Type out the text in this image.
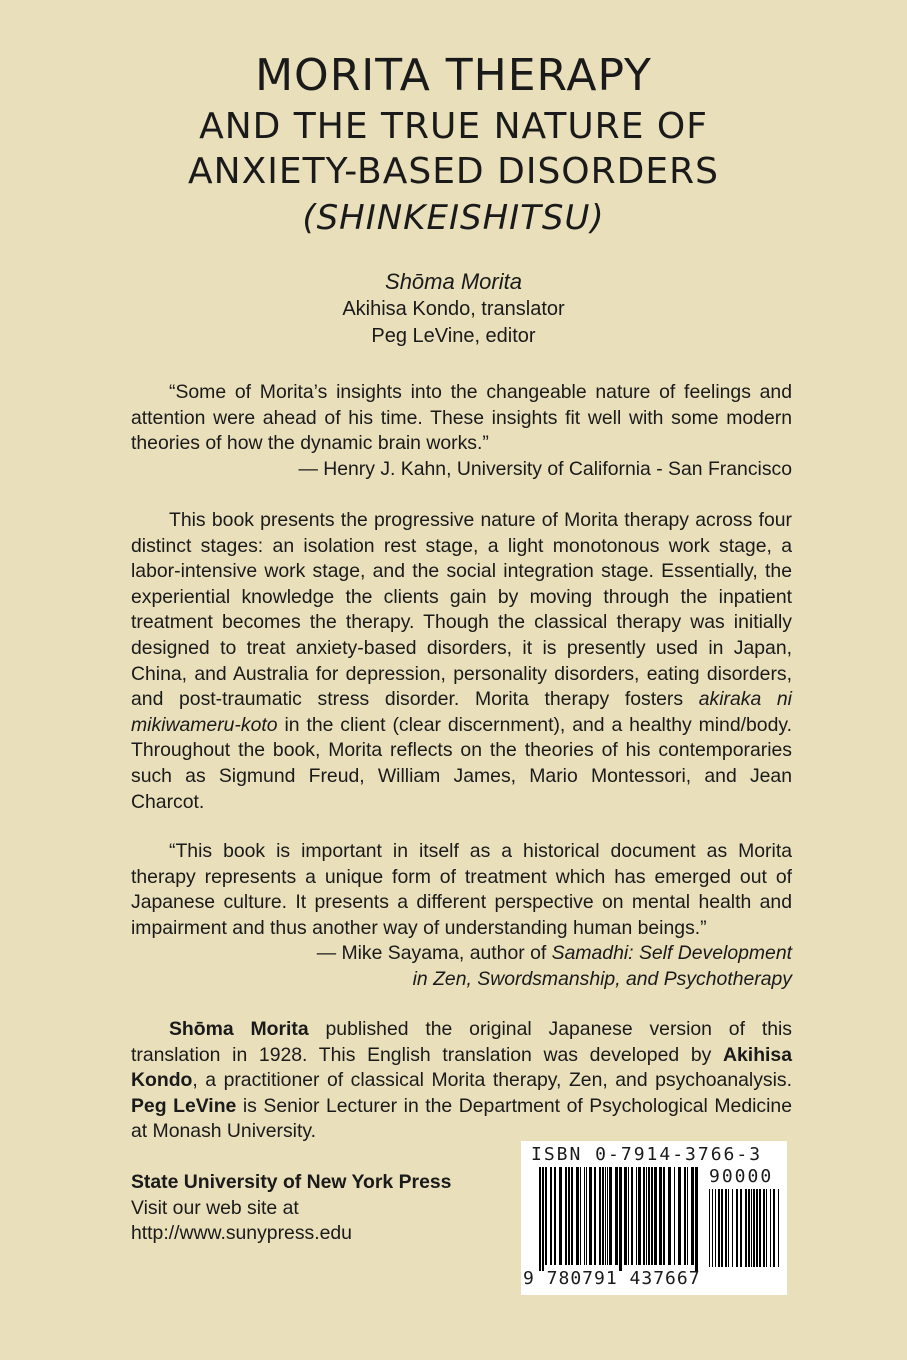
MORITA THERAPY
AND THE TRUE NATURE OF
ANXIETY-BASED DISORDERS
(SHINKEISHITSU)
Shōma Morita
Akihisa Kondo, translator
Peg LeVine, editor

“Some of Morita’s insights into the changeable nature of feelings and attention were ahead of his time. These insights fit well with some modern theories of how the dynamic brain works.”

— Henry J. Kahn, University of California - San Francisco

This book presents the progressive nature of Morita therapy across four distinct stages: an isolation rest stage, a light monotonous work stage, a labor-intensive work stage, and the social integration stage. Essentially, the experiential knowledge the clients gain by moving through the inpatient treatment becomes the therapy. Though the classical therapy was initially designed to treat anxiety-based disorders, it is presently used in Japan, China, and Australia for depression, personality disorders, eating disorders, and post-traumatic stress disorder. Morita therapy fosters akiraka ni mikiwameru-koto in the client (clear discernment), and a healthy mind/body. Throughout the book, Morita reflects on the theories of his contemporaries such as Sigmund Freud, William James, Mario Montessori, and Jean Charcot.

“This book is important in itself as a historical document as Morita therapy represents a unique form of treatment which has emerged out of Japanese culture. It presents a different perspective on mental health and impairment and thus another way of understanding human beings.”

— Mike Sayama, author of Samadhi: Self Development

in Zen, Swordsmanship, and Psychotherapy

Shōma Morita published the original Japanese version of this translation in 1928. This English translation was developed by Akihisa Kondo, a practitioner of classical Morita therapy, Zen, and psychoanalysis. Peg LeVine is Senior Lecturer in the Department of Psychological Medicine at Monash University.

State University of New York Press
Visit our web site at
http://www.sunypress.edu
ISBN 0-7914-3766-3
90000
9 780791 437667
